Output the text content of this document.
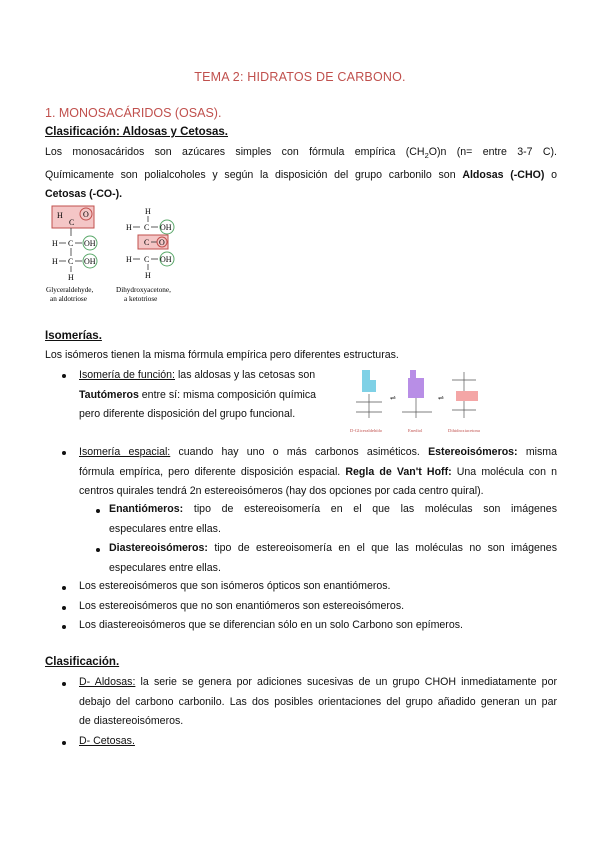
TEMA 2: HIDRATOS DE CARBONO.
1. MONOSACÁRIDOS (OSAS).
Clasificación: Aldosas y Cetosas.
Los monosacáridos son azúcares simples con fórmula empírica $(CH_2O)n$ (n= entre 3-7 C).
Químicamente son polialcoholes y según la disposición del grupo carbonilo son Aldosas (-CHO) o
Cetosas (-CO-).
H
C
O
H C OH
H C OH
H
Glyceraldehyde,
an aldotriose
H
H C OH
C O
H C OH
H
Dihydroxyacetone,
a ketotriose
Isomerías.
Los isómeros tienen la misma fórmula empírica pero diferentes estructuras.
Isomería de función: las aldosas y las cetosas son
Tautómeros entre sí: misma composición química
pero diferente disposición del grupo funcional.
⇌	⇌
D-Gliceraldehído	Enediol	Dihidroxiacetona
Isomería espacial: cuando hay uno o más carbonos asiméticos. Estereoisómeros: misma
fórmula empírica, pero diferente disposición espacial. Regla de Van't Hoff: Una molécula con n
centros quirales tendrá 2n estereoisómeros (hay dos opciones por cada centro quiral).
Enantiómeros: tipo de estereoisomería en el que las moléculas son imágenes
especulares entre ellas.
Diastereoisómeros: tipo de estereoisomería en el que las moléculas no son imágenes
especulares entre ellas.
Los estereoisómeros que son isómeros ópticos son enantiómeros.
Los estereoisómeros que no son enantiómeros son estereoisómeros.
Los diastereoisómeros que se diferencian sólo en un solo Carbono son epímeros.
Clasificación.
D- Aldosas: la serie se genera por adiciones sucesivas de un grupo CHOH inmediatamente por
debajo del carbono carbonilo. Las dos posibles orientaciones del grupo añadido generan un par
de diastereoisómeros.
D- Cetosas.
